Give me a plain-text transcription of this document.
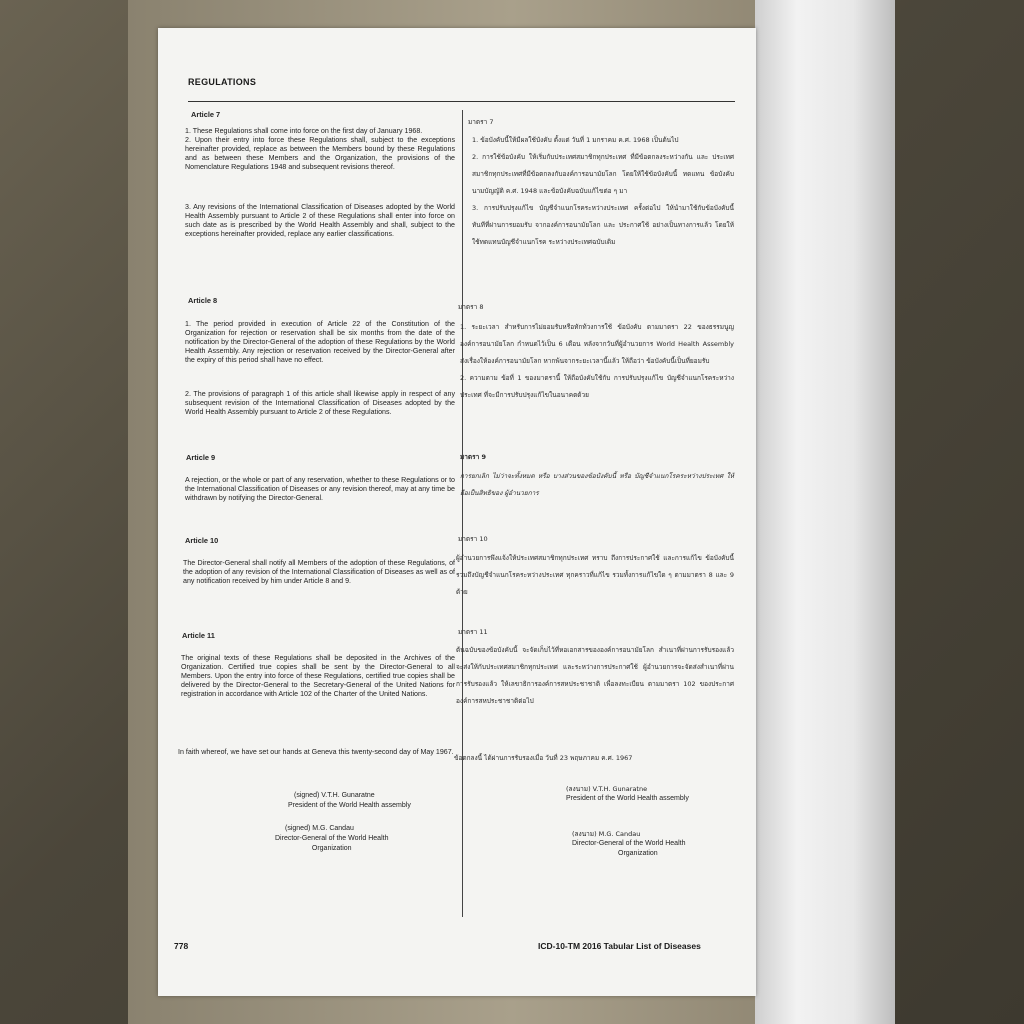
REGULATIONS
Article 7
1. These Regulations shall come into force on the first day of January 1968.
2. Upon their entry into force these Regulations shall, subject to the exceptions hereinafter provided, replace as between the Members bound by these Regulations and as between these Members and the Organization, the provisions of the Nomenclature Regulations 1948 and subsequent revisions thereof.
3. Any revisions of the International Classification of Diseases adopted by the World Health Assembly pursuant to Article 2 of these Regulations shall enter into force on such date as is prescribed by the World Health Assembly and shall, subject to the exceptions hereinafter provided, replace any earlier classifications.
Article 8
1. The period provided in execution of Article 22 of the Constitution of the Organization for rejection or reservation shall be six months from the date of the notification by the Director-General of the adoption of these Regulations by the World Health Assembly. Any rejection or reservation received by the Director-General after the expiry of this period shall have no effect.
2. The provisions of paragraph 1 of this article shall likewise apply in respect of any subsequent revision of the International Classification of Diseases adopted by the World Health Assembly pursuant to Article 2 of these Regulations.
Article 9
A rejection, or the whole or part of any reservation, whether to these Regulations or to the International Classification of Diseases or any revision thereof, may at any time be withdrawn by notifying the Director-General.
Article 10
The Director-General shall notify all Members of the adoption of these Regulations, of the adoption of any revision of the International Classification of Diseases as well as of any notification received by him under Article 8 and 9.
Article 11
The original texts of these Regulations shall be deposited in the Archives of the Organization. Certified true copies shall be sent by the Director-General to all Members. Upon the entry into force of these Regulations, certified true copies shall be delivered by the Director-General to the Secretary-General of the United Nations for registration in accordance with Article 102 of the Charter of the United Nations.
In faith whereof, we have set our hands at Geneva this twenty-second day of May 1967.
(signed) V.T.H. Gunaratne
President of the World Health assembly
(signed) M.G. Candau
Director-General of the World Health
Organization
มาตรา 7
1. ข้อบังคับนี้ให้มีผลใช้บังคับ ตั้งแต่ วันที่ 1 มกราคม ค.ศ. 1968 เป็นต้นไป
2. การใช้ข้อบังคับ ให้เริ่มกับประเทศสมาชิกทุกประเทศ ที่มีข้อตกลงระหว่างกัน และ ประเทศสมาชิกทุกประเทศที่มีข้อตกลงกับองค์การอนามัยโลก โดยให้ใช้ข้อบังคับนี้ ทดแทน ข้อบังคับนามบัญญัติ ค.ศ. 1948 และข้อบังคับฉบับแก้ไขต่อ ๆ มา
3. การปรับปรุงแก้ไข บัญชีจำแนกโรคระหว่างประเทศ ครั้งต่อไป ให้นำมาใช้กับข้อบังคับนี้ ทันทีที่ผ่านการยอมรับ จากองค์การอนามัยโลก และ ประกาศใช้ อย่างเป็นทางการแล้ว โดยให้ใช้ทดแทนบัญชีจำแนกโรค ระหว่างประเทศฉบับเดิม
มาตรา 8
1. ระยะเวลา สำหรับการไม่ยอมรับหรือทักท้วงการใช้ ข้อบังคับ ตามมาตรา 22 ของธรรมนูญองค์การอนามัยโลก กำหนดไว้เป็น 6 เดือน หลังจากวันที่ผู้อำนวยการ World Health Assembly ส่งเรื่องให้องค์การอนามัยโลก หากพ้นจากระยะเวลานี้แล้ว ให้ถือว่า ข้อบังคับนี้เป็นที่ยอมรับ
2. ความตาม ข้อที่ 1 ของมาตรานี้ ให้ถือบังคับใช้กับ การปรับปรุงแก้ไข บัญชีจำแนกโรคระหว่างประเทศ ที่จะมีการปรับปรุงแก้ไขในอนาคตด้วย
มาตรา 9
การยกเลิก ไม่ว่าจะทั้งหมด หรือ บางส่วนของข้อบังคับนี้ หรือ บัญชีจำแนกโรคระหว่างประเทศ ให้ถือเป็นสิทธิของ ผู้อำนวยการ
มาตรา 10
ผู้อำนวยการพึงแจ้งให้ประเทศสมาชิกทุกประเทศ ทราบ ถึงการประกาศใช้ และการแก้ไข ข้อบังคับนี้ รวมถึงบัญชีจำแนกโรคระหว่างประเทศ ทุกคราวที่แก้ไข รวมทั้งการแก้ไขใด ๆ ตามมาตรา 8 และ 9 ด้วย
มาตรา 11
ต้นฉบับของข้อบังคับนี้ จะจัดเก็บไว้ที่หอเอกสารขององค์การอนามัยโลก สำเนาที่ผ่านการรับรองแล้ว จะส่งให้กับประเทศสมาชิกทุกประเทศ และระหว่างการประกาศใช้ ผู้อำนวยการจะจัดส่งสำเนาที่ผ่านการรับรองแล้ว ให้เลขาธิการองค์การสหประชาชาติ เพื่อลงทะเบียน ตามมาตรา 102 ของประกาศองค์การสหประชาชาติต่อไป
ข้อตกลงนี้ ได้ผ่านการรับรองเมื่อ วันที่ 23 พฤษภาคม ค.ศ. 1967
(ลงนาม) V.T.H. Gunaratne
President of the World Health assembly
(ลงนาม) M.G. Candau
Director-General of the World Health
Organization
778	ICD-10-TM 2016 Tabular List of Diseases
